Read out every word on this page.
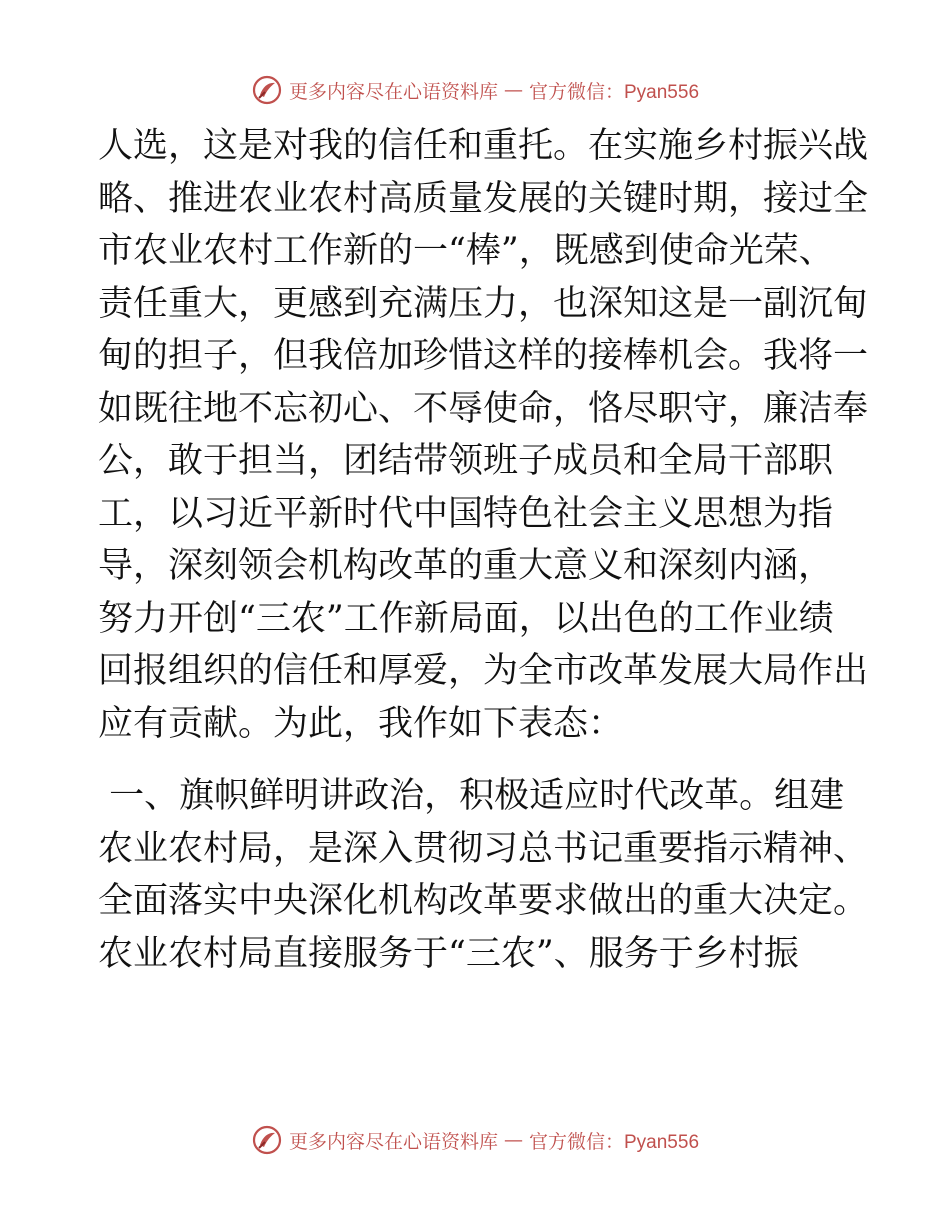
更多内容尽在心语资料库 — 官方微信：Pyan556
人选，这是对我的信任和重托。在实施乡村振兴战
略、推进农业农村高质量发展的关键时期，接过全
市农业农村工作新的一“棒”，既感到使命光荣、
责任重大，更感到充满压力，也深知这是一副沉甸
甸的担子，但我倍加珍惜这样的接棒机会。我将一
如既往地不忘初心、不辱使命，恪尽职守，廉洁奉
公，敢于担当，团结带领班子成员和全局干部职
工，以习近平新时代中国特色社会主义思想为指
导，深刻领会机构改革的重大意义和深刻内涵，
努力开创“三农”工作新局面，以出色的工作业绩
回报组织的信任和厚爱，为全市改革发展大局作出
应有贡献。为此，我作如下表态：
一、旗帜鲜明讲政治，积极适应时代改革。组建
农业农村局，是深入贯彻习总书记重要指示精神、
全面落实中央深化机构改革要求做出的重大决定。
农业农村局直接服务于“三农”、服务于乡村振
更多内容尽在心语资料库 — 官方微信：Pyan556
